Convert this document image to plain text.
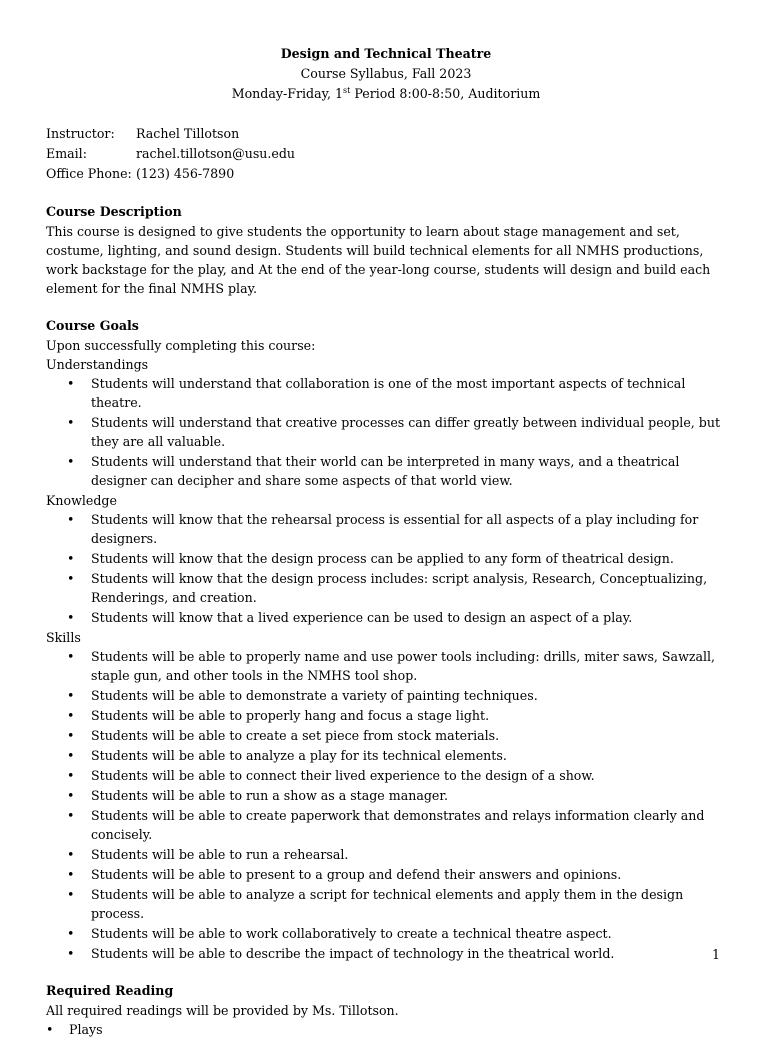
Design and Technical Theatre
Course Syllabus, Fall 2023
Monday-Friday, 1st Period 8:00-8:50, Auditorium
Instructor:	Rachel Tillotson
Email:	rachel.tillotson@usu.edu
Office Phone: (123) 456-7890
Course Description

This course is designed to give students the opportunity to learn about stage management and set, costume, lighting, and sound design. Students will build technical elements for all NMHS productions, work backstage for the play, and At the end of the year-long course, students will design and build each element for the final NMHS play.

Course Goals
Upon successfully completing this course:
Understandings
• Students will understand that collaboration is one of the most important aspects of technical theatre.
• Students will understand that creative processes can differ greatly between individual people, but they are all valuable.
• Students will understand that their world can be interpreted in many ways, and a theatrical designer can decipher and share some aspects of that world view.
Knowledge
• Students will know that the rehearsal process is essential for all aspects of a play including for designers.
• Students will know that the design process can be applied to any form of theatrical design.
• Students will know that the design process includes: script analysis, Research, Conceptualizing, Renderings, and creation.
• Students will know that a lived experience can be used to design an aspect of a play.
Skills
• Students will be able to properly name and use power tools including: drills, miter saws, Sawzall, staple gun, and other tools in the NMHS tool shop.
• Students will be able to demonstrate a variety of painting techniques.
• Students will be able to properly hang and focus a stage light.
• Students will be able to create a set piece from stock materials.
• Students will be able to analyze a play for its technical elements.
• Students will be able to connect their lived experience to the design of a show.
• Students will be able to run a show as a stage manager.
• Students will be able to create paperwork that demonstrates and relays information clearly and concisely.
• Students will be able to run a rehearsal.
• Students will be able to present to a group and defend their answers and opinions.
• Students will be able to analyze a script for technical elements and apply them in the design process.
• Students will be able to work collaboratively to create a technical theatre aspect.
• Students will be able to describe the impact of technology in the theatrical world.
Required Reading
All required readings will be provided by Ms. Tillotson.
• Plays
1
